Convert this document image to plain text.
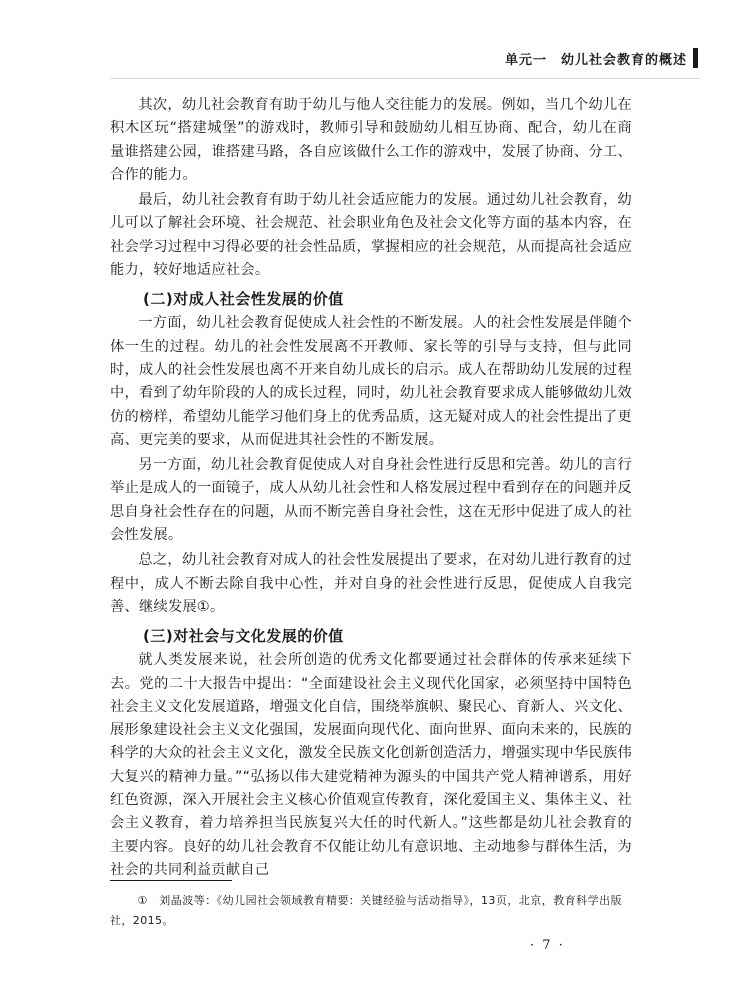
单元一 幼儿社会教育的概述

其次，幼儿社会教育有助于幼儿与他人交往能力的发展。例如，当几个幼儿在积木区玩“搭建城堡”的游戏时，教师引导和鼓励幼儿相互协商、配合，幼儿在商量谁搭建公园，谁搭建马路，各自应该做什么工作的游戏中，发展了协商、分工、合作的能力。

最后，幼儿社会教育有助于幼儿社会适应能力的发展。通过幼儿社会教育，幼儿可以了解社会环境、社会规范、社会职业角色及社会文化等方面的基本内容，在社会学习过程中习得必要的社会性品质，掌握相应的社会规范，从而提高社会适应能力，较好地适应社会。

(二)对成人社会性发展的价值

一方面，幼儿社会教育促使成人社会性的不断发展。人的社会性发展是伴随个体一生的过程。幼儿的社会性发展离不开教师、家长等的引导与支持，但与此同时，成人的社会性发展也离不开来自幼儿成长的启示。成人在帮助幼儿发展的过程中，看到了幼年阶段的人的成长过程，同时，幼儿社会教育要求成人能够做幼儿效仿的榜样，希望幼儿能学习他们身上的优秀品质，这无疑对成人的社会性提出了更高、更完美的要求，从而促进其社会性的不断发展。

另一方面，幼儿社会教育促使成人对自身社会性进行反思和完善。幼儿的言行举止是成人的一面镜子，成人从幼儿社会性和人格发展过程中看到存在的问题并反思自身社会性存在的问题，从而不断完善自身社会性，这在无形中促进了成人的社会性发展。

总之，幼儿社会教育对成人的社会性发展提出了要求，在对幼儿进行教育的过程中，成人不断去除自我中心性，并对自身的社会性进行反思，促使成人自我完善、继续发展①。

(三)对社会与文化发展的价值

就人类发展来说，社会所创造的优秀文化都要通过社会群体的传承来延续下去。党的二十大报告中提出：“全面建设社会主义现代化国家，必须坚持中国特色社会主义文化发展道路，增强文化自信，围绕举旗帜、聚民心、育新人、兴文化、展形象建设社会主义文化强国，发展面向现代化、面向世界、面向未来的，民族的科学的大众的社会主义文化，激发全民族文化创新创造活力，增强实现中华民族伟大复兴的精神力量。”“弘扬以伟大建党精神为源头的中国共产党人精神谱系，用好红色资源，深入开展社会主义核心价值观宣传教育，深化爱国主义、集体主义、社会主义教育，着力培养担当民族复兴大任的时代新人。”这些都是幼儿社会教育的主要内容。良好的幼儿社会教育不仅能让幼儿有意识地、主动地参与群体生活，为社会的共同利益贡献自己

①　刘晶波等：《幼儿园社会领域教育精要：关键经验与活动指导》，13页，北京，教育科学出版社，2015。
· 7 ·
